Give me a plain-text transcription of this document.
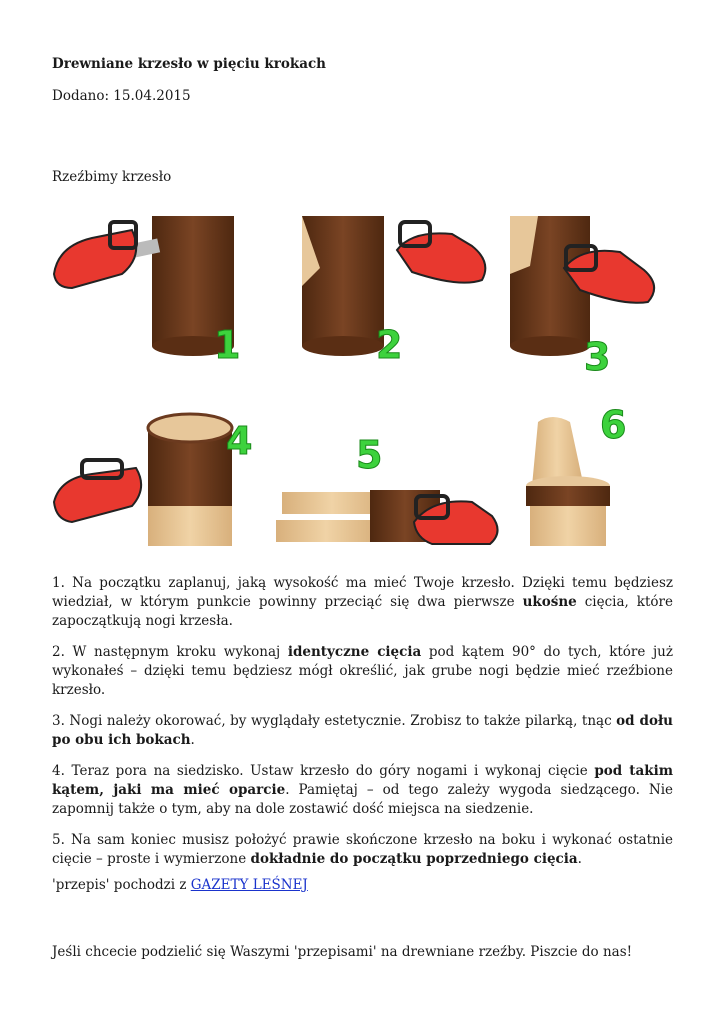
Drewniane krzesło w pięciu krokach
Dodano: 15.04.2015
Rzeźbimy krzesło
1	2	3
4	5
6

1. Na początku zaplanuj, jaką wysokość ma mieć Twoje krzesło. Dzięki temu będziesz wiedział, w którym punkcie powinny przeciąć się dwa pierwsze ukośne cięcia, które zapoczątkują nogi krzesła.

2. W następnym kroku wykonaj identyczne cięcia pod kątem 90° do tych, które już wykonałeś – dzięki temu będziesz mógł określić, jak grube nogi będzie mieć rzeźbione krzesło.

3. Nogi należy okorować, by wyglądały estetycznie. Zrobisz to także pilarką, tnąc od dołu po obu ich bokach.

4. Teraz pora na siedzisko. Ustaw krzesło do góry nogami i wykonaj cięcie pod takim kątem, jaki ma mieć oparcie. Pamiętaj – od tego zależy wygoda siedzącego. Nie zapomnij także o tym, aby na dole zostawić dość miejsca na siedzenie.

5. Na sam koniec musisz położyć prawie skończone krzesło na boku i wykonać ostatnie cięcie – proste i wymierzone dokładnie do początku poprzedniego cięcia.

'przepis' pochodzi z GAZETY LEŚNEJ
Jeśli chcecie podzielić się Waszymi 'przepisami' na drewniane rzeźby. Piszcie do nas!
